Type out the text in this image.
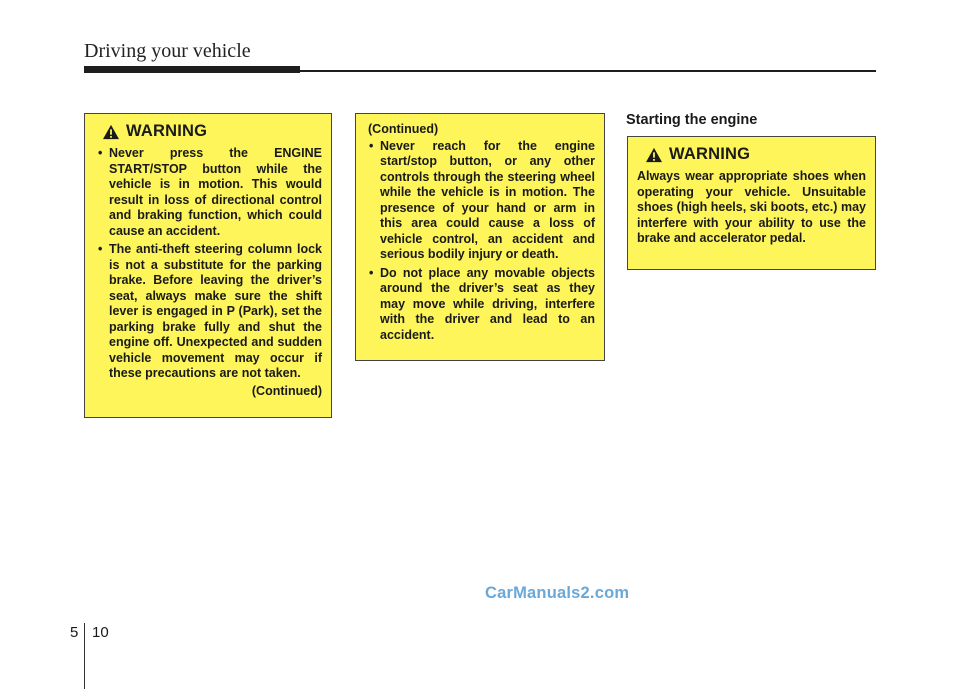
Driving your vehicle
WARNING
• Never press the ENGINE START/STOP button while the vehicle is in motion. This would result in loss of directional control and braking function, which could cause an accident.
• The anti-theft steering column lock is not a substitute for the parking brake. Before leaving the driver’s seat, always make sure the shift lever is engaged in P (Park), set the parking brake fully and shut the engine off. Unexpected and sudden vehicle movement may occur if these precautions are not taken.
(Continued)
(Continued)
• Never reach for the engine start/stop button, or any other controls through the steering wheel while the vehicle is in motion. The presence of your hand or arm in this area could cause a loss of vehicle control, an accident and serious bodily injury or death.
• Do not place any movable objects around the driver’s seat as they may move while driving, interfere with the driver and lead to an accident.
Starting the engine
WARNING

Always wear appropriate shoes when operating your vehicle. Unsuitable shoes (high heels, ski boots, etc.) may interfere with your ability to use the brake and accelerator pedal.

CarManuals2.com
5 10
